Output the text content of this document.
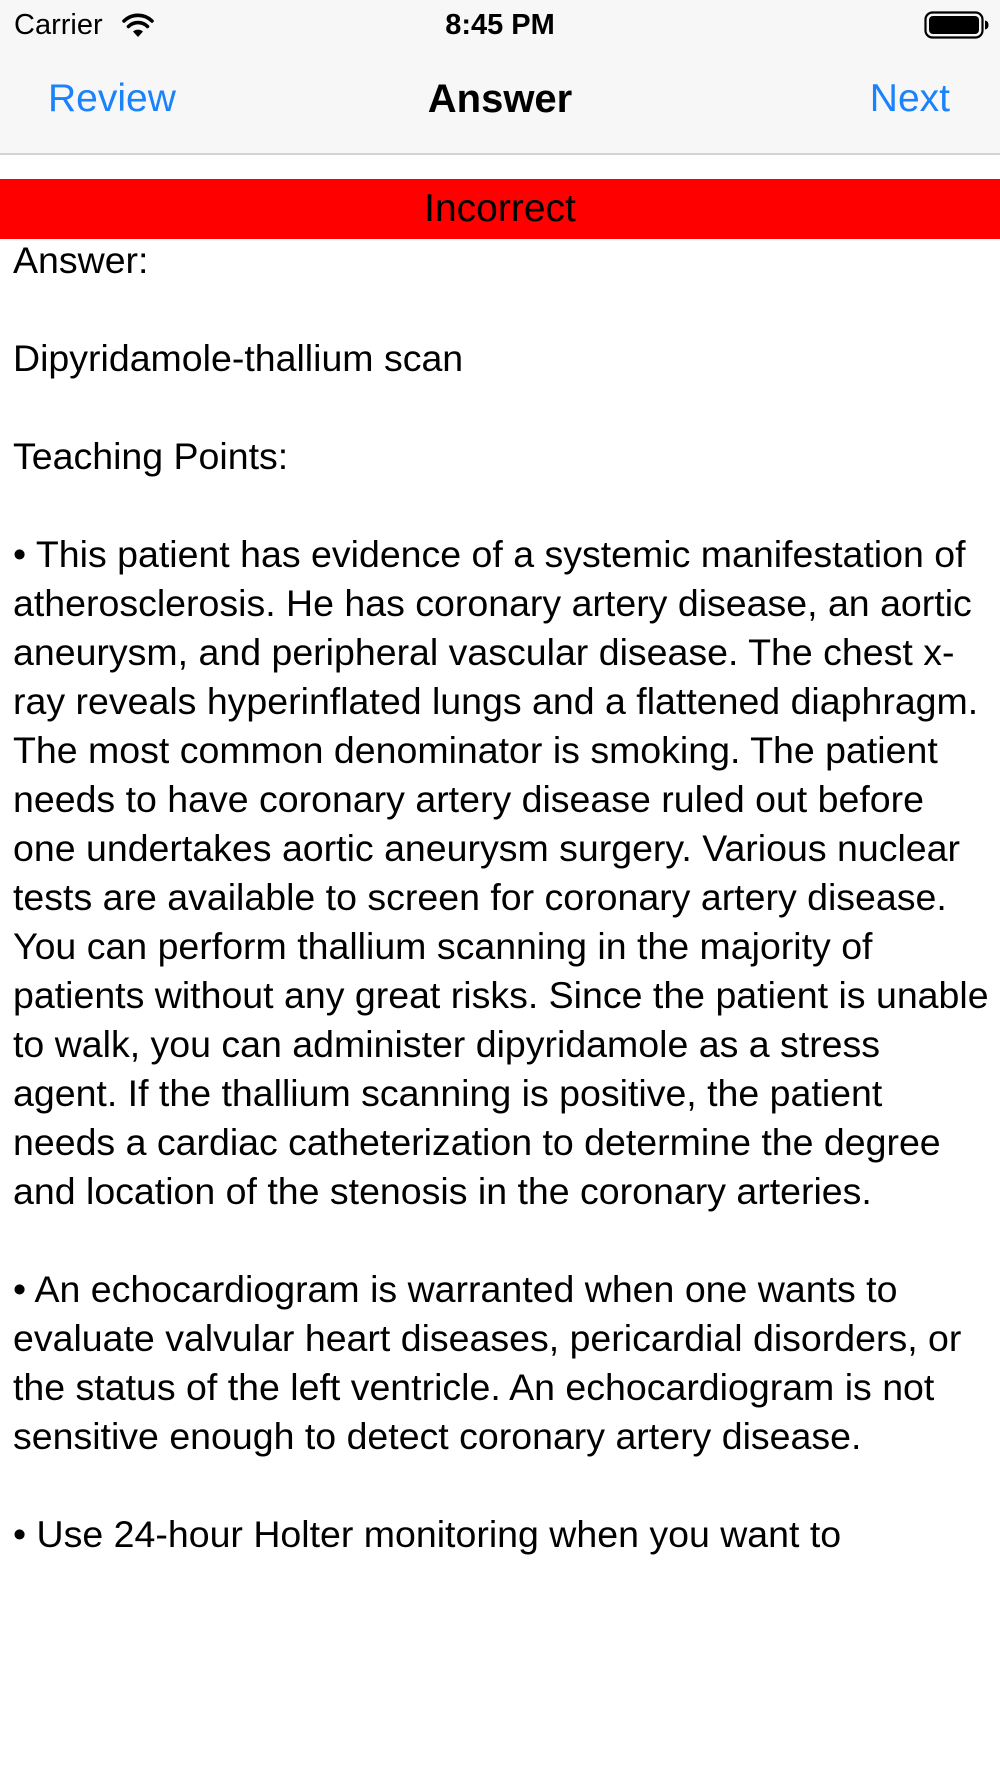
Carrier	8:45 PM
Review	Answer	Next
Incorrect

Answer:

Dipyridamole-thallium scan

Teaching Points:

• This patient has evidence of a systemic manifestation of atherosclerosis. He has coronary artery disease, an aortic aneurysm, and peripheral vascular disease. The chest x-ray reveals hyperinflated lungs and a flattened diaphragm. The most common denominator is smoking. The patient needs to have coronary artery disease ruled out before one undertakes aortic aneurysm surgery. Various nuclear tests are available to screen for coronary artery disease. You can perform thallium scanning in the majority of patients without any great risks. Since the patient is unable to walk, you can administer dipyridamole as a stress agent. If the thallium scanning is positive, the patient needs a cardiac catheterization to determine the degree and location of the stenosis in the coronary arteries.

• An echocardiogram is warranted when one wants to evaluate valvular heart diseases, pericardial disorders, or the status of the left ventricle. An echocardiogram is not sensitive enough to detect coronary artery disease.

• Use 24-hour Holter monitoring when you want to
